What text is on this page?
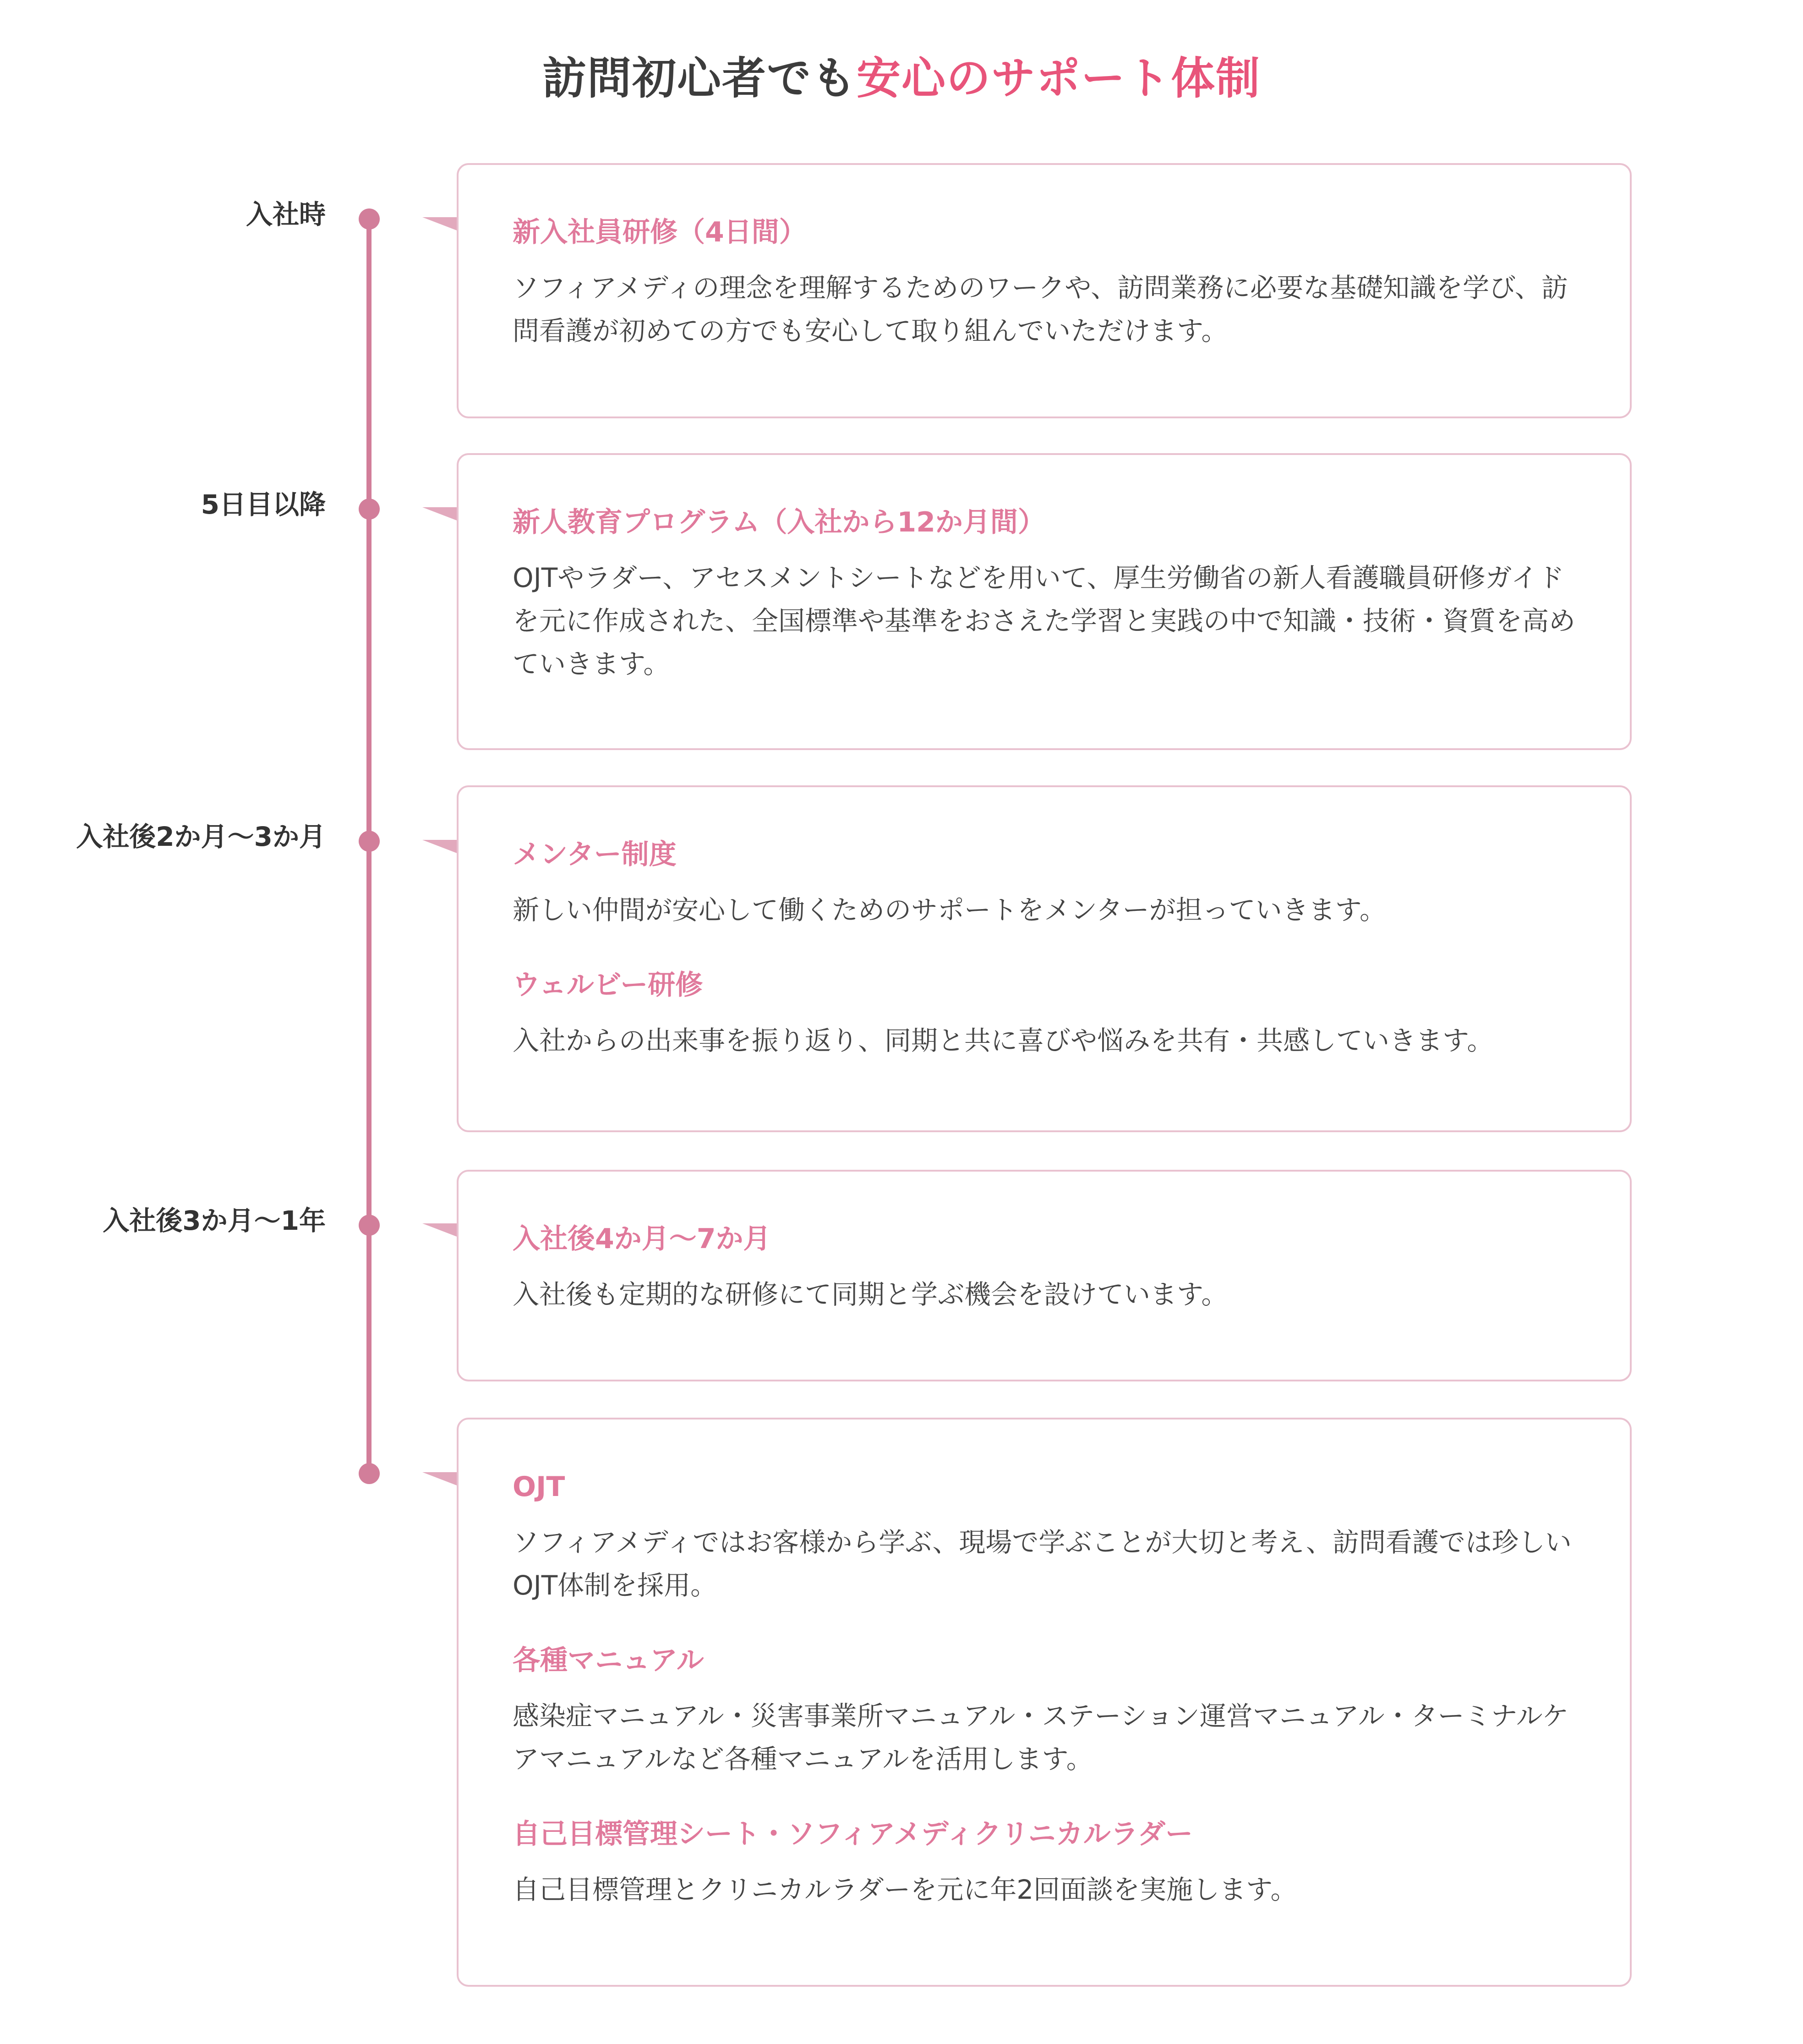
訪問初心者でも安心のサポート体制
入社時
新入社員研修（4日間）

ソフィアメディの理念を理解するためのワークや、訪問業務に必要な基礎知識を学び、訪問看護が初めての方でも安心して取り組んでいただけます。

5日目以降
新人教育プログラム（入社から12か月間）

OJTやラダー、アセスメントシートなどを用いて、厚生労働省の新人看護職員研修ガイドを元に作成された、全国標準や基準をおさえた学習と実践の中で知識・技術・資質を高めていきます。

入社後2か月～3か月
メンター制度

新しい仲間が安心して働くためのサポートをメンターが担っていきます。

ウェルビー研修

入社からの出来事を振り返り、同期と共に喜びや悩みを共有・共感していきます。

入社後3か月～1年
入社後4か月～7か月

入社後も定期的な研修にて同期と学ぶ機会を設けています。

OJT

ソフィアメディではお客様から学ぶ、現場で学ぶことが大切と考え、訪問看護では珍しいOJT体制を採用。

各種マニュアル

感染症マニュアル・災害事業所マニュアル・ステーション運営マニュアル・ターミナルケアマニュアルなど各種マニュアルを活用します。

自己目標管理シート・ソフィアメディクリニカルラダー

自己目標管理とクリニカルラダーを元に年2回面談を実施します。
